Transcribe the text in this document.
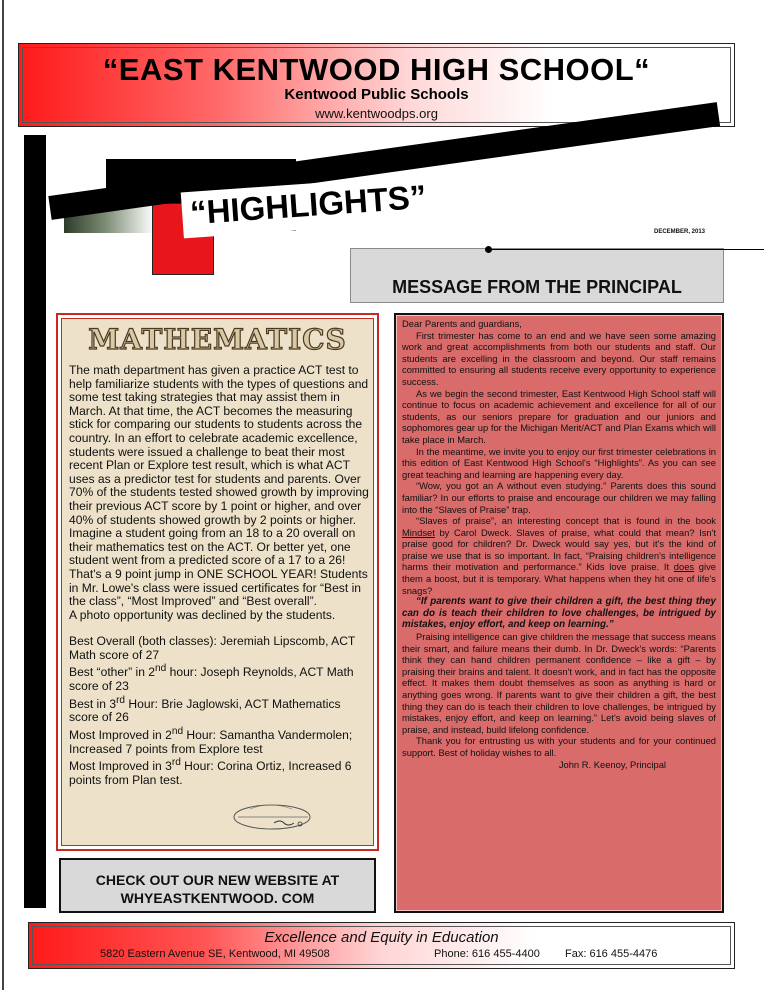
“EAST KENTWOOD HIGH SCHOOL“
Kentwood Public Schools
www.kentwoodps.org
“HIGHLIGHTS”
DECEMBER, 2013
MESSAGE FROM THE PRINCIPAL
MATHEMATICS

The math department has given a practice ACT test to help familiarize students with the types of questions and some test taking strategies that may assist them in March. At that time, the ACT becomes the measuring stick for comparing our students to students across the country. In an effort to celebrate academic excellence, students were issued a challenge to beat their most recent Plan or Explore test result, which is what ACT uses as a predictor test for students and parents. Over 70% of the students tested showed growth by improving their previous ACT score by 1 point or higher, and over 40% of students showed growth by 2 points or higher. Imagine a student going from an 18 to a 20 overall on their mathematics test on the ACT. Or better yet, one student went from a predicted score of a 17 to a 26! That's a 9 point jump in ONE SCHOOL YEAR! Students in Mr. Lowe's class were issued certificates for “Best in the class”, “Most Improved” and “Best overall”.

A photo opportunity was declined by the students.

Best Overall (both classes): Jeremiah Lipscomb, ACT Math score of 27

Best “other” in 2nd hour: Joseph Reynolds, ACT Math score of 23

Best in 3rd Hour: Brie Jaglowski, ACT Mathematics score of 26

Most Improved in 2nd Hour: Samantha Vandermolen; Increased 7 points from Explore test

Most Improved in 3rd Hour: Corina Ortiz, Increased 6 points from Plan test.

CHECK OUT OUR NEW WEBSITE AT
WHYEASTKENTWOOD. COM

Dear Parents and guardians,

First trimester has come to an end and we have seen some amazing work and great accomplishments from both our students and staff. Our students are excelling in the classroom and beyond. Our staff remains committed to ensuring all students receive every opportunity to experience success.

As we begin the second trimester, East Kentwood High School staff will continue to focus on academic achievement and excellence for all of our students, as our seniors prepare for graduation and our juniors and sophomores gear up for the Michigan Merit/ACT and Plan Exams which will take place in March.

In the meantime, we invite you to enjoy our first trimester celebrations in this edition of East Kentwood High School's “Highlights”. As you can see great teaching and learning are happening every day.

“Wow, you got an A without even studying.” Parents does this sound familiar? In our efforts to praise and encourage our children we may falling into the “Slaves of Praise” trap.

“Slaves of praise”, an interesting concept that is found in the book Mindset by Carol Dweck. Slaves of praise, what could that mean? Isn't praise good for children? Dr. Dweck would say yes, but it's the kind of praise we use that is so important. In fact, “Praising children's intelligence harms their motivation and performance.” Kids love praise. It does give them a boost, but it is temporary. What happens when they hit one of life's snags?

“If parents want to give their children a gift, the best thing they can do is teach their children to love challenges, be intrigued by mistakes, enjoy effort, and keep on learning.”

Praising intelligence can give children the message that success means their smart, and failure means their dumb. In Dr. Dweck's words: “Parents think they can hand children permanent confidence – like a gift – by praising their brains and talent. It doesn't work, and in fact has the opposite effect. It makes them doubt themselves as soon as anything is hard or anything goes wrong. If parents want to give their children a gift, the best thing they can do is teach their children to love challenges, be intrigued by mistakes, enjoy effort, and keep on learning.” Let's avoid being slaves of praise, and instead, build lifelong confidence.

Thank you for entrusting us with your students and for your continued support. Best of holiday wishes to all.

John R. Keenoy, Principal

Excellence and Equity in Education
5820 Eastern Avenue SE, Kentwood, MI 49508	Phone: 616 455-4400 Fax: 616 455-4476
